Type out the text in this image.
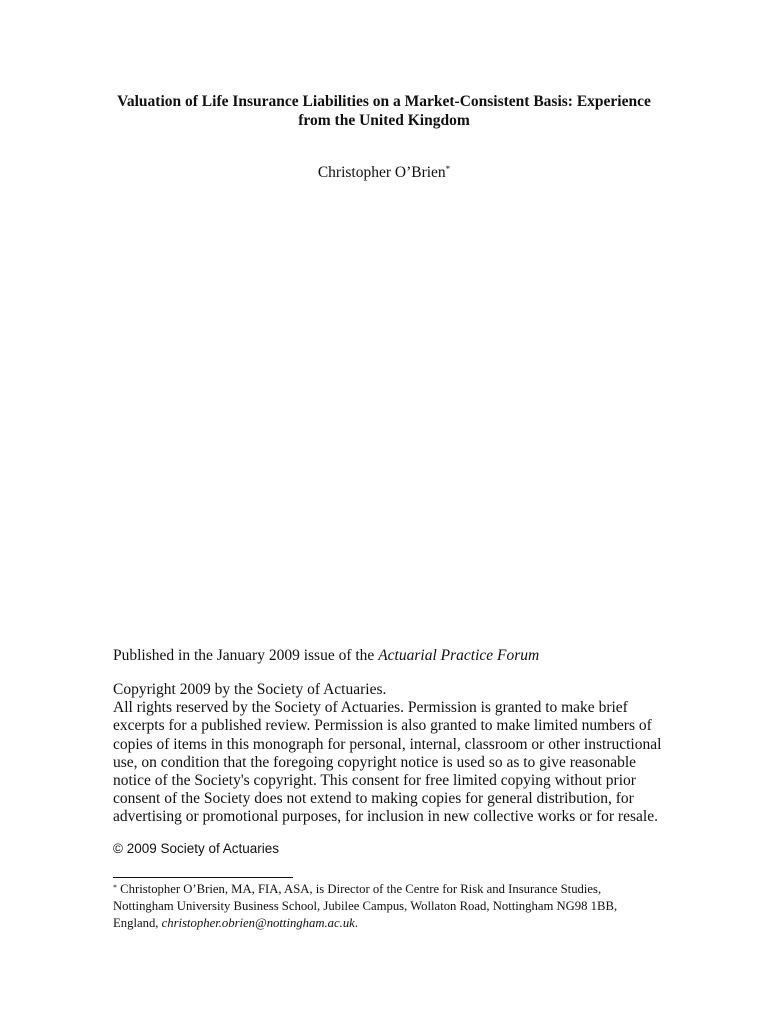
Valuation of Life Insurance Liabilities on a Market-Consistent Basis: Experience
from the United Kingdom
Christopher O’Brien*
Published in the January 2009 issue of the Actuarial Practice Forum
Copyright 2009 by the Society of Actuaries.
All rights reserved by the Society of Actuaries. Permission is granted to make brief
excerpts for a published review. Permission is also granted to make limited numbers of
copies of items in this monograph for personal, internal, classroom or other instructional
use, on condition that the foregoing copyright notice is used so as to give reasonable
notice of the Society's copyright. This consent for free limited copying without prior
consent of the Society does not extend to making copies for general distribution, for
advertising or promotional purposes, for inclusion in new collective works or for resale.
© 2009 Society of Actuaries
* Christopher O’Brien, MA, FIA, ASA, is Director of the Centre for Risk and Insurance Studies,
Nottingham University Business School, Jubilee Campus, Wollaton Road, Nottingham NG98 1BB,
England, christopher.obrien@nottingham.ac.uk.
